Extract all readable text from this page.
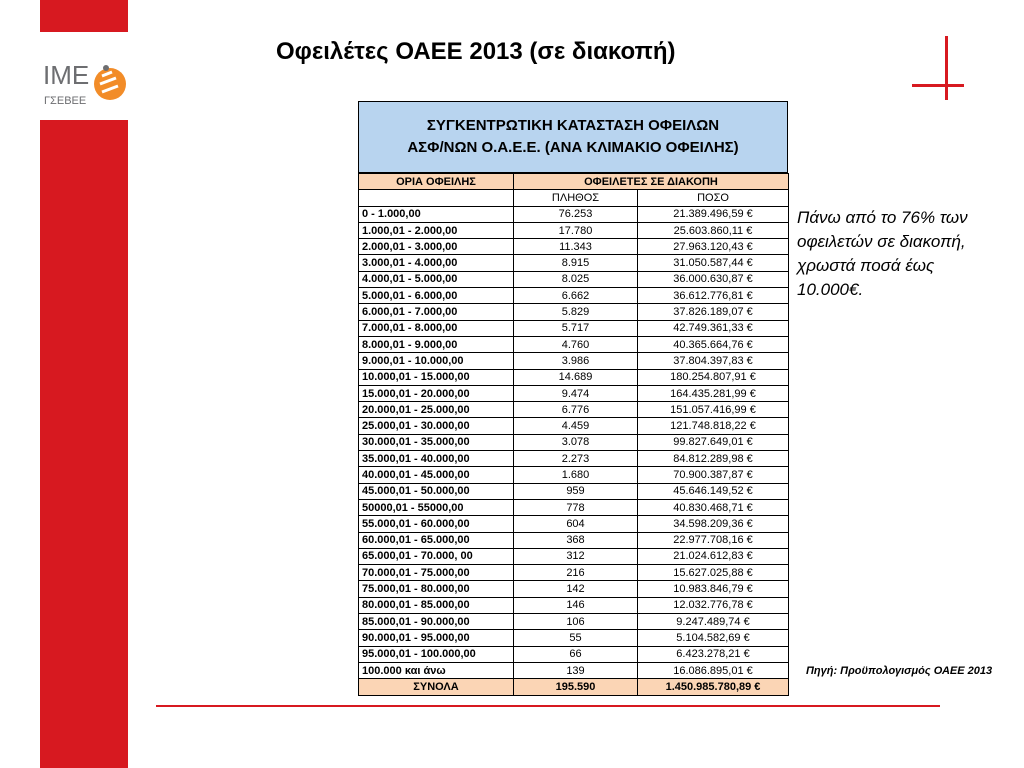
ΙΜΕ
ΓΣΕΒΕΕ
Οφειλέτες ΟΑΕΕ 2013 (σε διακοπή)
ΣΥΓΚΕΝΤΡΩΤΙΚΗ ΚΑΤΑΣΤΑΣΗ ΟΦΕΙΛΩΝ
ΑΣΦ/ΝΩΝ Ο.Α.Ε.Ε. (ΑΝΑ ΚΛΙΜΑΚΙΟ ΟΦΕΙΛΗΣ)
ΟΡΙΑ ΟΦΕΙΛΗΣ	ΟΦΕΙΛΕΤΕΣ ΣΕ ΔΙΑΚΟΠΗ	
	ΠΛΗΘΟΣ	ΠΟΣΟ
0 - 1.000,00	76.253	21.389.496,59 €
1.000,01 - 2.000,00	17.780	25.603.860,11 €
2.000,01 - 3.000,00	11.343	27.963.120,43 €
3.000,01 - 4.000,00	8.915	31.050.587,44 €
4.000,01 - 5.000,00	8.025	36.000.630,87 €
5.000,01 - 6.000,00	6.662	36.612.776,81 €
6.000,01 - 7.000,00	5.829	37.826.189,07 €
7.000,01 - 8.000,00	5.717	42.749.361,33 €
8.000,01 - 9.000,00	4.760	40.365.664,76 €
9.000,01 - 10.000,00	3.986	37.804.397,83 €
10.000,01 - 15.000,00	14.689	180.254.807,91 €
15.000,01 - 20.000,00	9.474	164.435.281,99 €
20.000,01 - 25.000,00	6.776	151.057.416,99 €
25.000,01 - 30.000,00	4.459	121.748.818,22 €
30.000,01 - 35.000,00	3.078	99.827.649,01 €
35.000,01 - 40.000,00	2.273	84.812.289,98 €
40.000,01 - 45.000,00	1.680	70.900.387,87 €
45.000,01 - 50.000,00	959	45.646.149,52 €
50000,01 - 55000,00	778	40.830.468,71 €
55.000,01 - 60.000,00	604	34.598.209,36 €
60.000,01 - 65.000,00	368	22.977.708,16 €
65.000,01 - 70.000, 00	312	21.024.612,83 €
70.000,01 - 75.000,00	216	15.627.025,88 €
75.000,01 - 80.000,00	142	10.983.846,79 €
80.000,01 - 85.000,00	146	12.032.776,78 €
85.000,01 - 90.000,00	106	9.247.489,74 €
90.000,01 - 95.000,00	55	5.104.582,69 €
95.000,01 - 100.000,00	66	6.423.278,21 €
100.000 και άνω	139	16.086.895,01 €
ΣΥΝΟΛΑ	195.590	1.450.985.780,89 €
Πάνω από το 76% των οφειλετών σε διακοπή, χρωστά ποσά έως 10.000€.
Πηγή: Προϋπολογισμός ΟΑΕΕ 2013
